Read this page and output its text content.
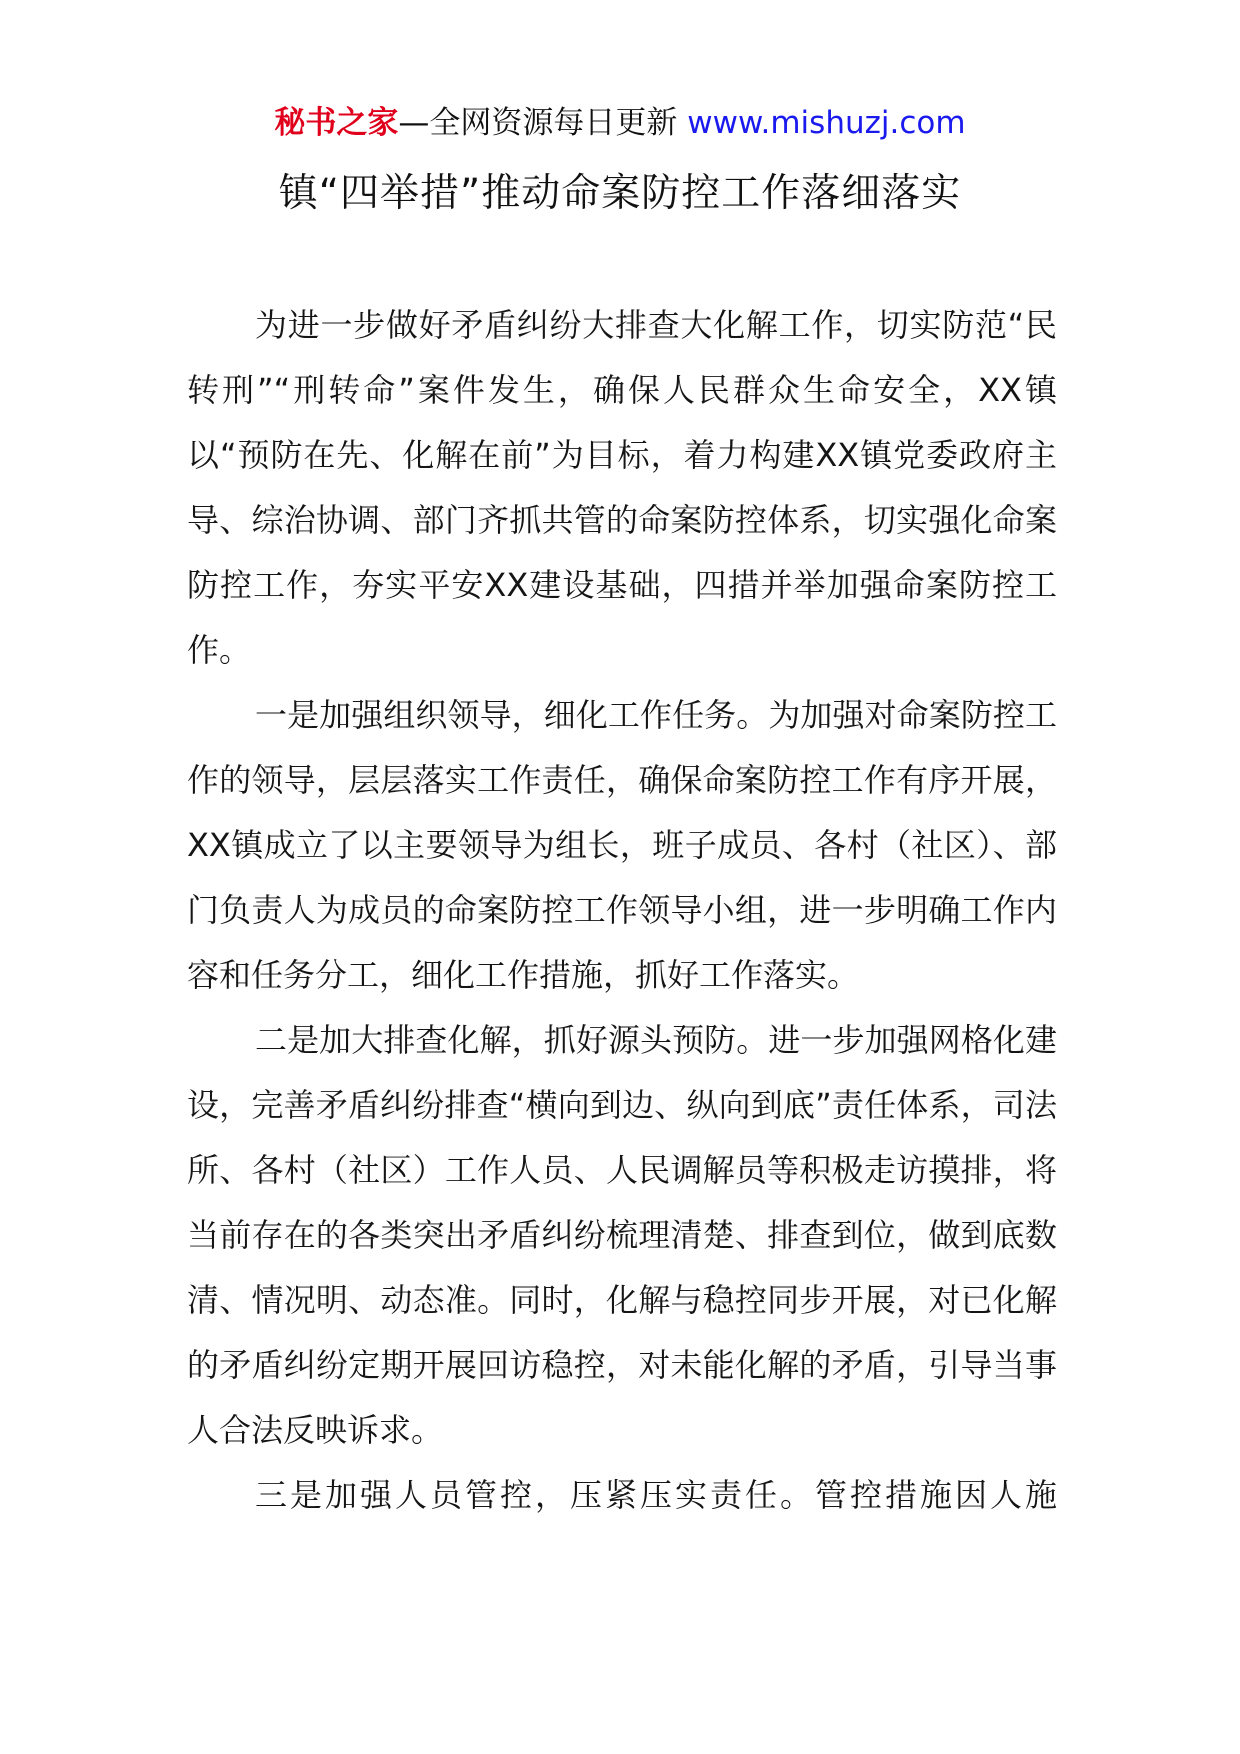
秘书之家—全网资源每日更新 www.mishuzj.com
镇“四举措”推动命案防控工作落细落实

为进一步做好矛盾纠纷大排查大化解工作，切实防范“民转刑”“刑转命”案件发生，确保人民群众生命安全，XX镇以“预防在先、化解在前”为目标，着力构建XX镇党委政府主导、综治协调、部门齐抓共管的命案防控体系，切实强化命案防控工作，夯实平安XX建设基础，四措并举加强命案防控工作。

一是加强组织领导，细化工作任务。为加强对命案防控工作的领导，层层落实工作责任，确保命案防控工作有序开展，XX镇成立了以主要领导为组长，班子成员、各村（社区）、部门负责人为成员的命案防控工作领导小组，进一步明确工作内容和任务分工，细化工作措施，抓好工作落实。

二是加大排查化解，抓好源头预防。进一步加强网格化建设，完善矛盾纠纷排查“横向到边、纵向到底”责任体系，司法所、各村（社区）工作人员、人民调解员等积极走访摸排，将当前存在的各类突出矛盾纠纷梳理清楚、排查到位，做到底数清、情况明、动态准。同时，化解与稳控同步开展，对已化解的矛盾纠纷定期开展回访稳控，对未能化解的矛盾，引导当事人合法反映诉求。

三是加强人员管控，压紧压实责任。管控措施因人施
